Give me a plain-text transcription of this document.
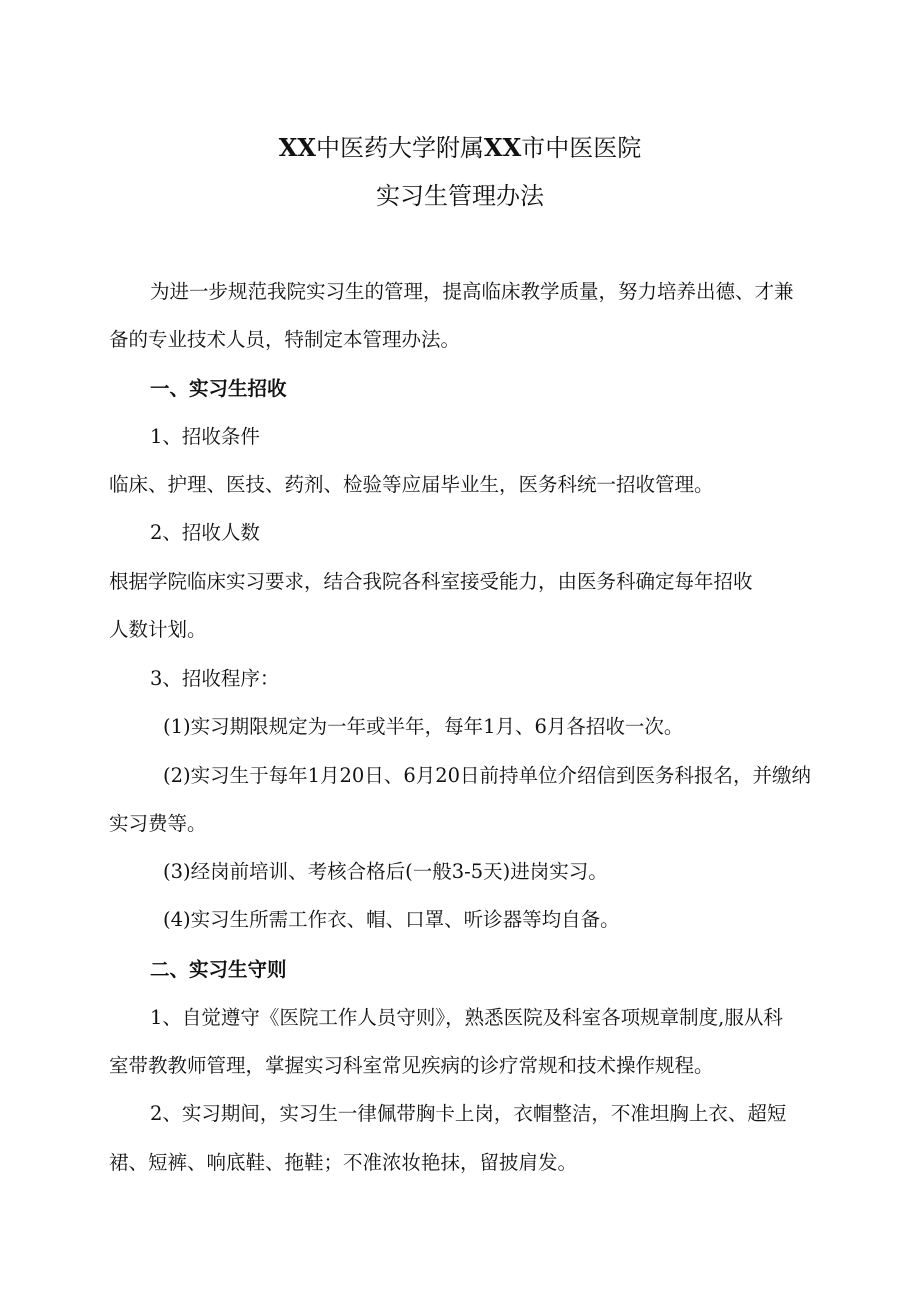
XX中医药大学附属XX市中医医院
实习生管理办法
为进一步规范我院实习生的管理，提高临床教学质量，努力培养出德、才兼
备的专业技术人员，特制定本管理办法。
一、实习生招收
1、招收条件
临床、护理、医技、药剂、检验等应届毕业生，医务科统一招收管理。
2、招收人数
根据学院临床实习要求，结合我院各科室接受能力，由医务科确定每年招收
人数计划。
3、招收程序：
(1)实习期限规定为一年或半年，每年1月、6月各招收一次。
(2)实习生于每年1月20日、6月20日前持单位介绍信到医务科报名，并缴纳
实习费等。
(3)经岗前培训、考核合格后(一般3-5天)进岗实习。
(4)实习生所需工作衣、帽、口罩、听诊器等均自备。
二、实习生守则
1、自觉遵守《医院工作人员守则》，熟悉医院及科室各项规章制度,服从科
室带教教师管理，掌握实习科室常见疾病的诊疗常规和技术操作规程。
2、实习期间，实习生一律佩带胸卡上岗，衣帽整洁，不准坦胸上衣、超短
裙、短裤、响底鞋、拖鞋；不准浓妆艳抹，留披肩发。
